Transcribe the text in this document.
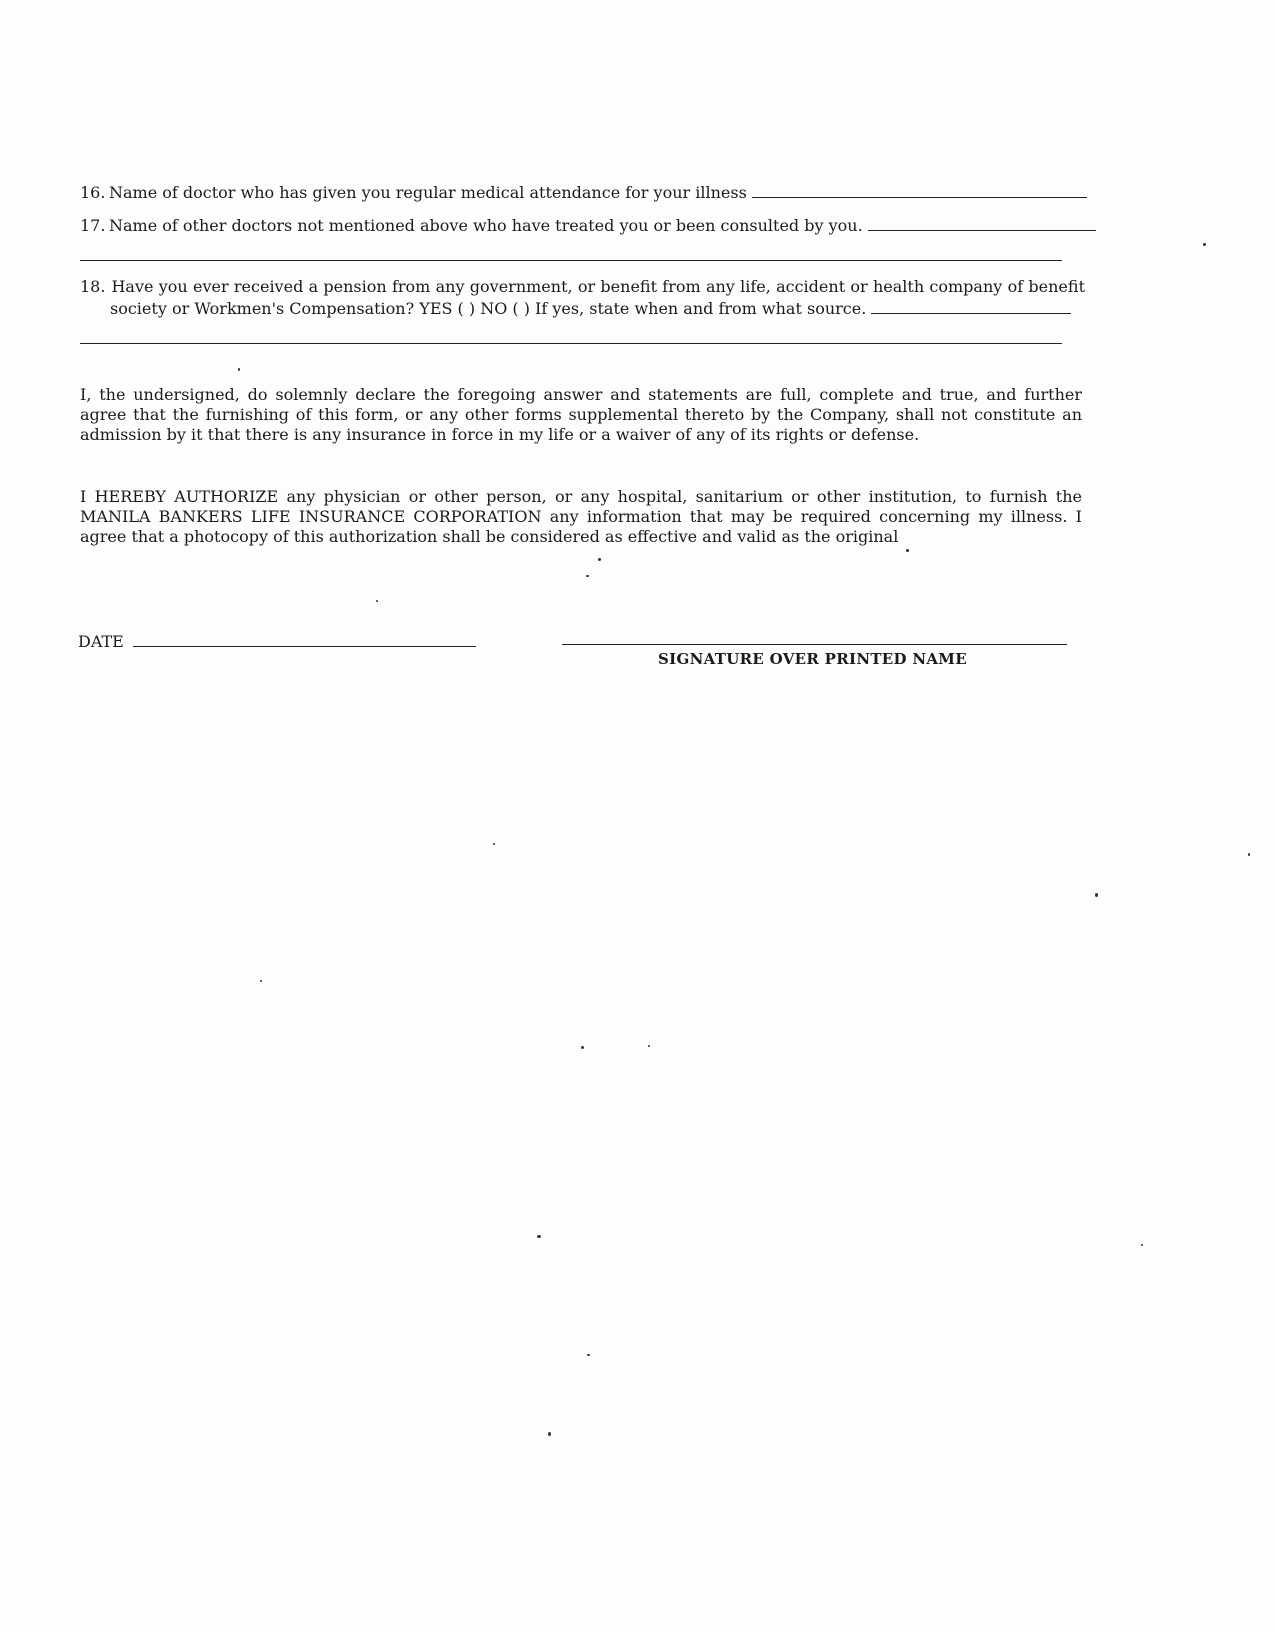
16. Name of doctor who has given you regular medical attendance for your illness
17. Name of other doctors not mentioned above who have treated you or been consulted by you.
18. Have you ever received a pension from any government, or benefit from any life, accident or health company of benefit
society or Workmen's Compensation? YES ( ) NO ( ) If yes, state when and from what source.
I, the undersigned, do solemnly declare the foregoing answer and statements are full, complete and true, and further agree that the furnishing of this form, or any other forms supplemental thereto by the Company, shall not constitute an admission by it that there is any insurance in force in my life or a waiver of any of its rights or defense.
I HEREBY AUTHORIZE any physician or other person, or any hospital, sanitarium or other institution, to furnish the MANILA BANKERS LIFE INSURANCE CORPORATION any information that may be required concerning my illness. I agree that a photocopy of this authorization shall be considered as effective and valid as the original
DATE
SIGNATURE OVER PRINTED NAME
